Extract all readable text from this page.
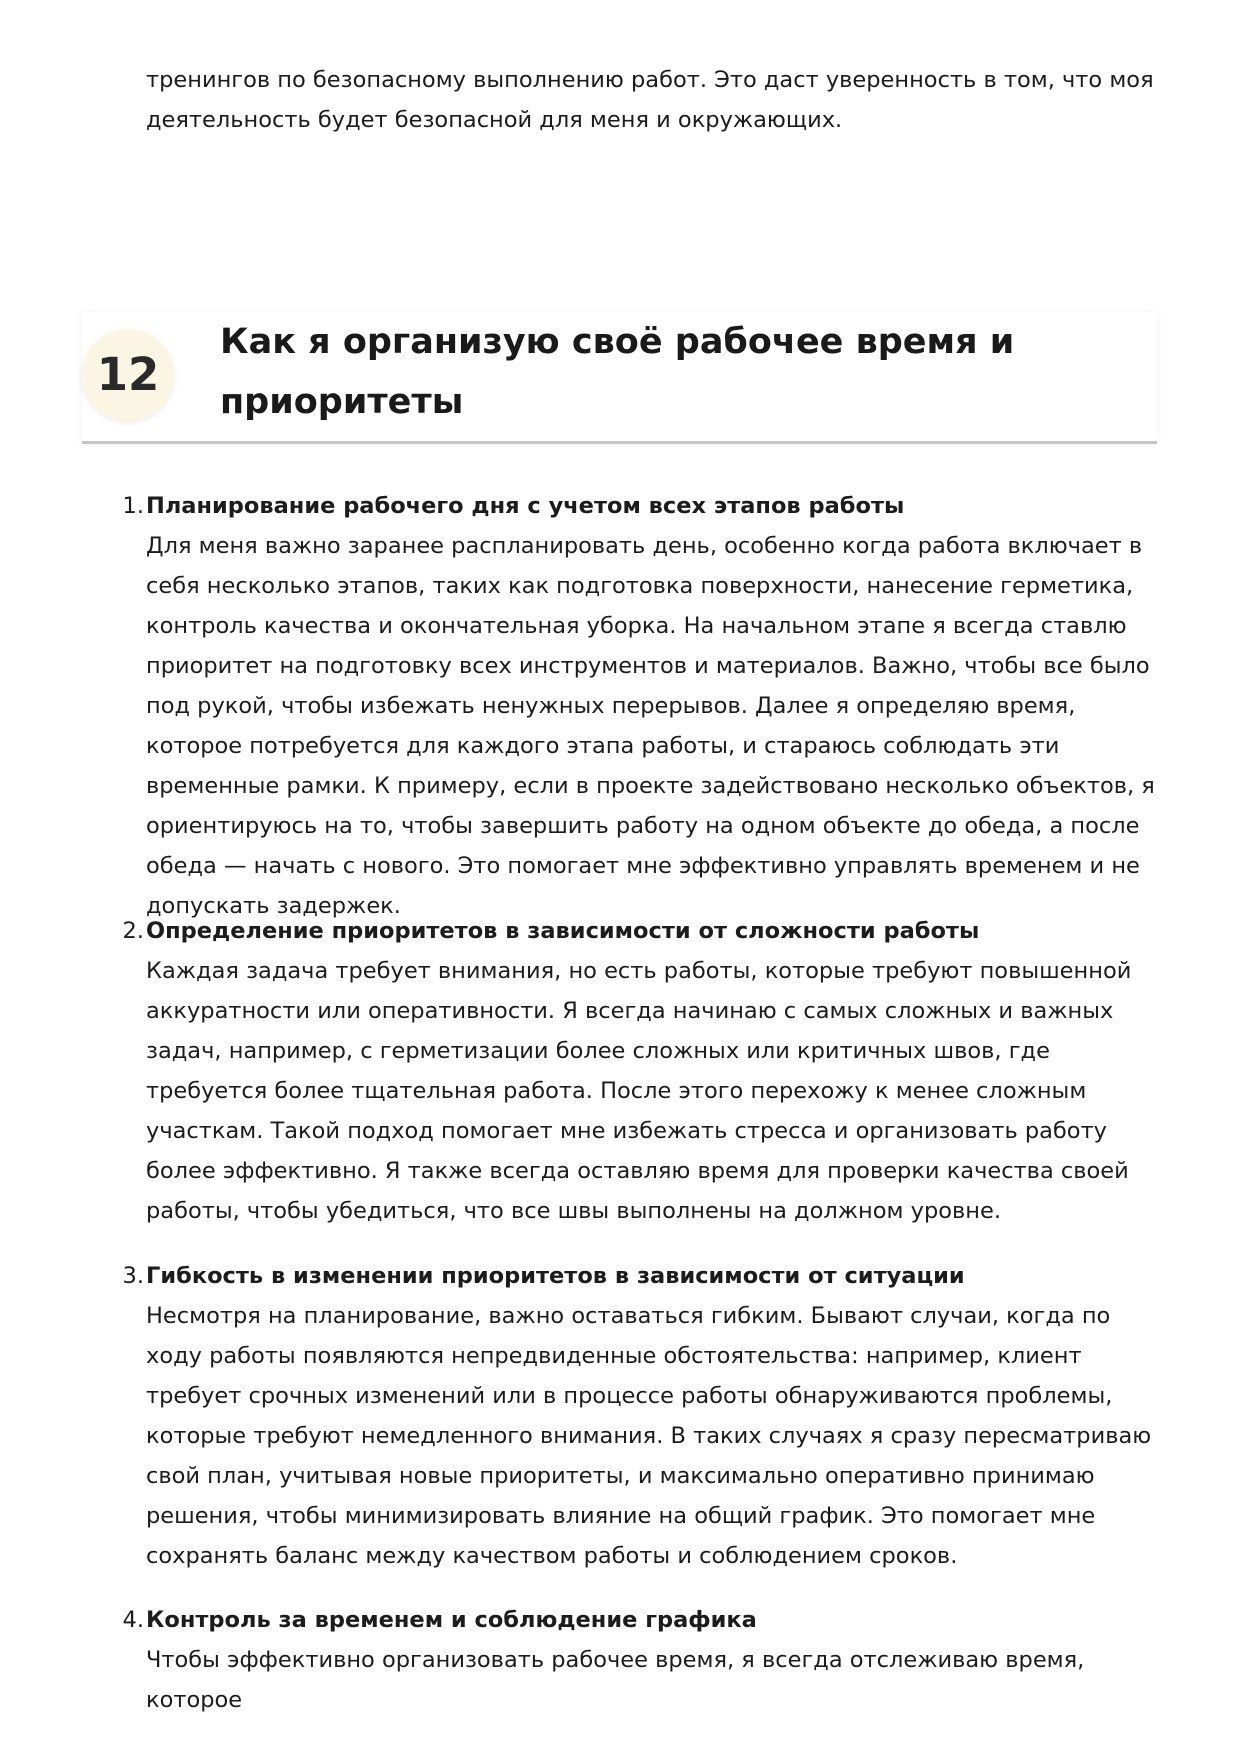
тренингов по безопасному выполнению работ. Это даст уверенность в том, что моя деятельность будет безопасной для меня и окружающих.

12
Как я организую своё рабочее время и приоритеты
1. Планирование рабочего дня с учетом всех этапов работы

Для меня важно заранее распланировать день, особенно когда работа включает в себя несколько этапов, таких как подготовка поверхности, нанесение герметика, контроль качества и окончательная уборка. На начальном этапе я всегда ставлю приоритет на подготовку всех инструментов и материалов. Важно, чтобы все было под рукой, чтобы избежать ненужных перерывов. Далее я определяю время, которое потребуется для каждого этапа работы, и стараюсь соблюдать эти временные рамки. К примеру, если в проекте задействовано несколько объектов, я ориентируюсь на то, чтобы завершить работу на одном объекте до обеда, а после обеда — начать с нового. Это помогает мне эффективно управлять временем и не допускать задержек.

2. Определение приоритетов в зависимости от сложности работы

Каждая задача требует внимания, но есть работы, которые требуют повышенной аккуратности или оперативности. Я всегда начинаю с самых сложных и важных задач, например, с герметизации более сложных или критичных швов, где требуется более тщательная работа. После этого перехожу к менее сложным участкам. Такой подход помогает мне избежать стресса и организовать работу более эффективно. Я также всегда оставляю время для проверки качества своей работы, чтобы убедиться, что все швы выполнены на должном уровне.

3. Гибкость в изменении приоритетов в зависимости от ситуации

Несмотря на планирование, важно оставаться гибким. Бывают случаи, когда по ходу работы появляются непредвиденные обстоятельства: например, клиент требует срочных изменений или в процессе работы обнаруживаются проблемы, которые требуют немедленного внимания. В таких случаях я сразу пересматриваю свой план, учитывая новые приоритеты, и максимально оперативно принимаю решения, чтобы минимизировать влияние на общий график. Это помогает мне сохранять баланс между качеством работы и соблюдением сроков.

4. Контроль за временем и соблюдение графика

Чтобы эффективно организовать рабочее время, я всегда отслеживаю время, которое
